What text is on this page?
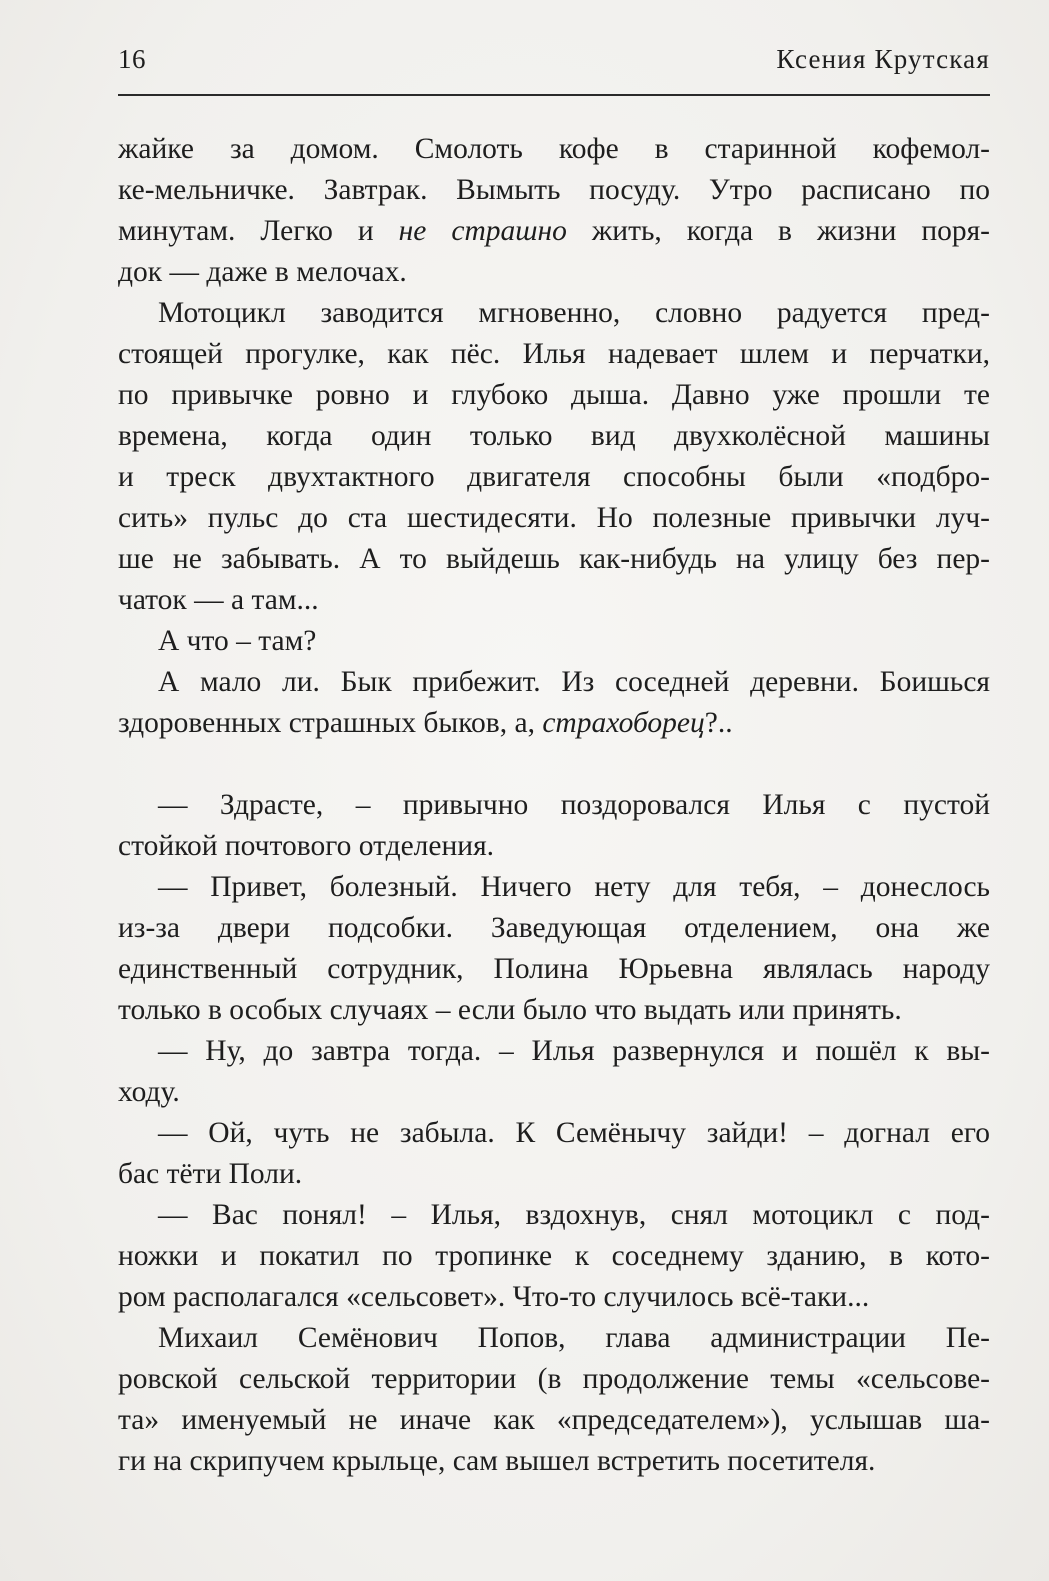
16	Ксения Крутская
жайке за домом. Смолоть кофе в старинной кофемол-
ке-мельничке. Завтрак. Вымыть посуду. Утро расписано по
минутам. Легко и не страшно жить, когда в жизни поря-
док — даже в мелочах.
Мотоцикл заводится мгновенно, словно радуется пред-
стоящей прогулке, как пёс. Илья надевает шлем и перчатки,
по привычке ровно и глубоко дыша. Давно уже прошли те
времена, когда один только вид двухколёсной машины
и треск двухтактного двигателя способны были «подбро-
сить» пульс до ста шестидесяти. Но полезные привычки луч-
ше не забывать. А то выйдешь как-нибудь на улицу без пер-
чаток — а там...
А что – там?
А мало ли. Бык прибежит. Из соседней деревни. Боишься
здоровенных страшных быков, а, страхоборец?..
— Здрасте, – привычно поздоровался Илья с пустой
стойкой почтового отделения.
— Привет, болезный. Ничего нету для тебя, – донеслось
из-за двери подсобки. Заведующая отделением, она же
единственный сотрудник, Полина Юрьевна являлась народу
только в особых случаях – если было что выдать или принять.
— Ну, до завтра тогда. – Илья развернулся и пошёл к вы-
ходу.
— Ой, чуть не забыла. К Семёнычу зайди! – догнал его
бас тёти Поли.
— Вас понял! – Илья, вздохнув, снял мотоцикл с под-
ножки и покатил по тропинке к соседнему зданию, в кото-
ром располагался «сельсовет». Что-то случилось всё-таки...
Михаил Семёнович Попов, глава администрации Пе-
ровской сельской территории (в продолжение темы «сельсове-
та» именуемый не иначе как «председателем»), услышав ша-
ги на скрипучем крыльце, сам вышел встретить посетителя.
